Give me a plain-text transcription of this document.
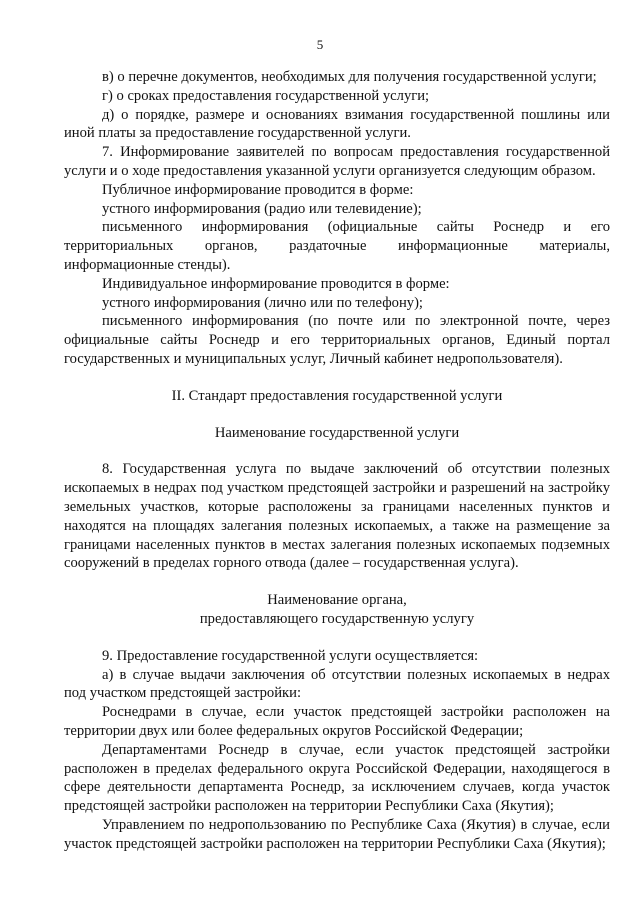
5

в) о перечне документов, необходимых для получения государственной услуги;

г) о сроках предоставления государственной услуги;

д) о порядке, размере и основаниях взимания государственной пошлины или иной платы за предоставление государственной услуги.

7. Информирование заявителей по вопросам предоставления государственной услуги и о ходе предоставления указанной услуги организуется следующим образом.

Публичное информирование проводится в форме:

устного информирования (радио или телевидение);

письменного информирования (официальные сайты Роснедр и его территориальных органов, раздаточные информационные материалы, информационные стенды).

Индивидуальное информирование проводится в форме:

устного информирования (лично или по телефону);

письменного информирования (по почте или по электронной почте, через официальные сайты Роснедр и его территориальных органов, Единый портал государственных и муниципальных услуг, Личный кабинет недропользователя).

II. Стандарт предоставления государственной услуги

Наименование государственной услуги

8. Государственная услуга по выдаче заключений об отсутствии полезных ископаемых в недрах под участком предстоящей застройки и разрешений на застройку земельных участков, которые расположены за границами населенных пунктов и находятся на площадях залегания полезных ископаемых, а также на размещение за границами населенных пунктов в местах залегания полезных ископаемых подземных сооружений в пределах горного отвода (далее – государственная услуга).

Наименование органа,

предоставляющего государственную услугу

9. Предоставление государственной услуги осуществляется:

а) в случае выдачи заключения об отсутствии полезных ископаемых в недрах под участком предстоящей застройки:

Роснедрами в случае, если участок предстоящей застройки расположен на территории двух или более федеральных округов Российской Федерации;

Департаментами Роснедр в случае, если участок предстоящей застройки расположен в пределах федерального округа Российской Федерации, находящегося в сфере деятельности департамента Роснедр, за исключением случаев, когда участок предстоящей застройки расположен на территории Республики Саха (Якутия);

Управлением по недропользованию по Республике Саха (Якутия) в случае, если участок предстоящей застройки расположен на территории Республики Саха (Якутия);
